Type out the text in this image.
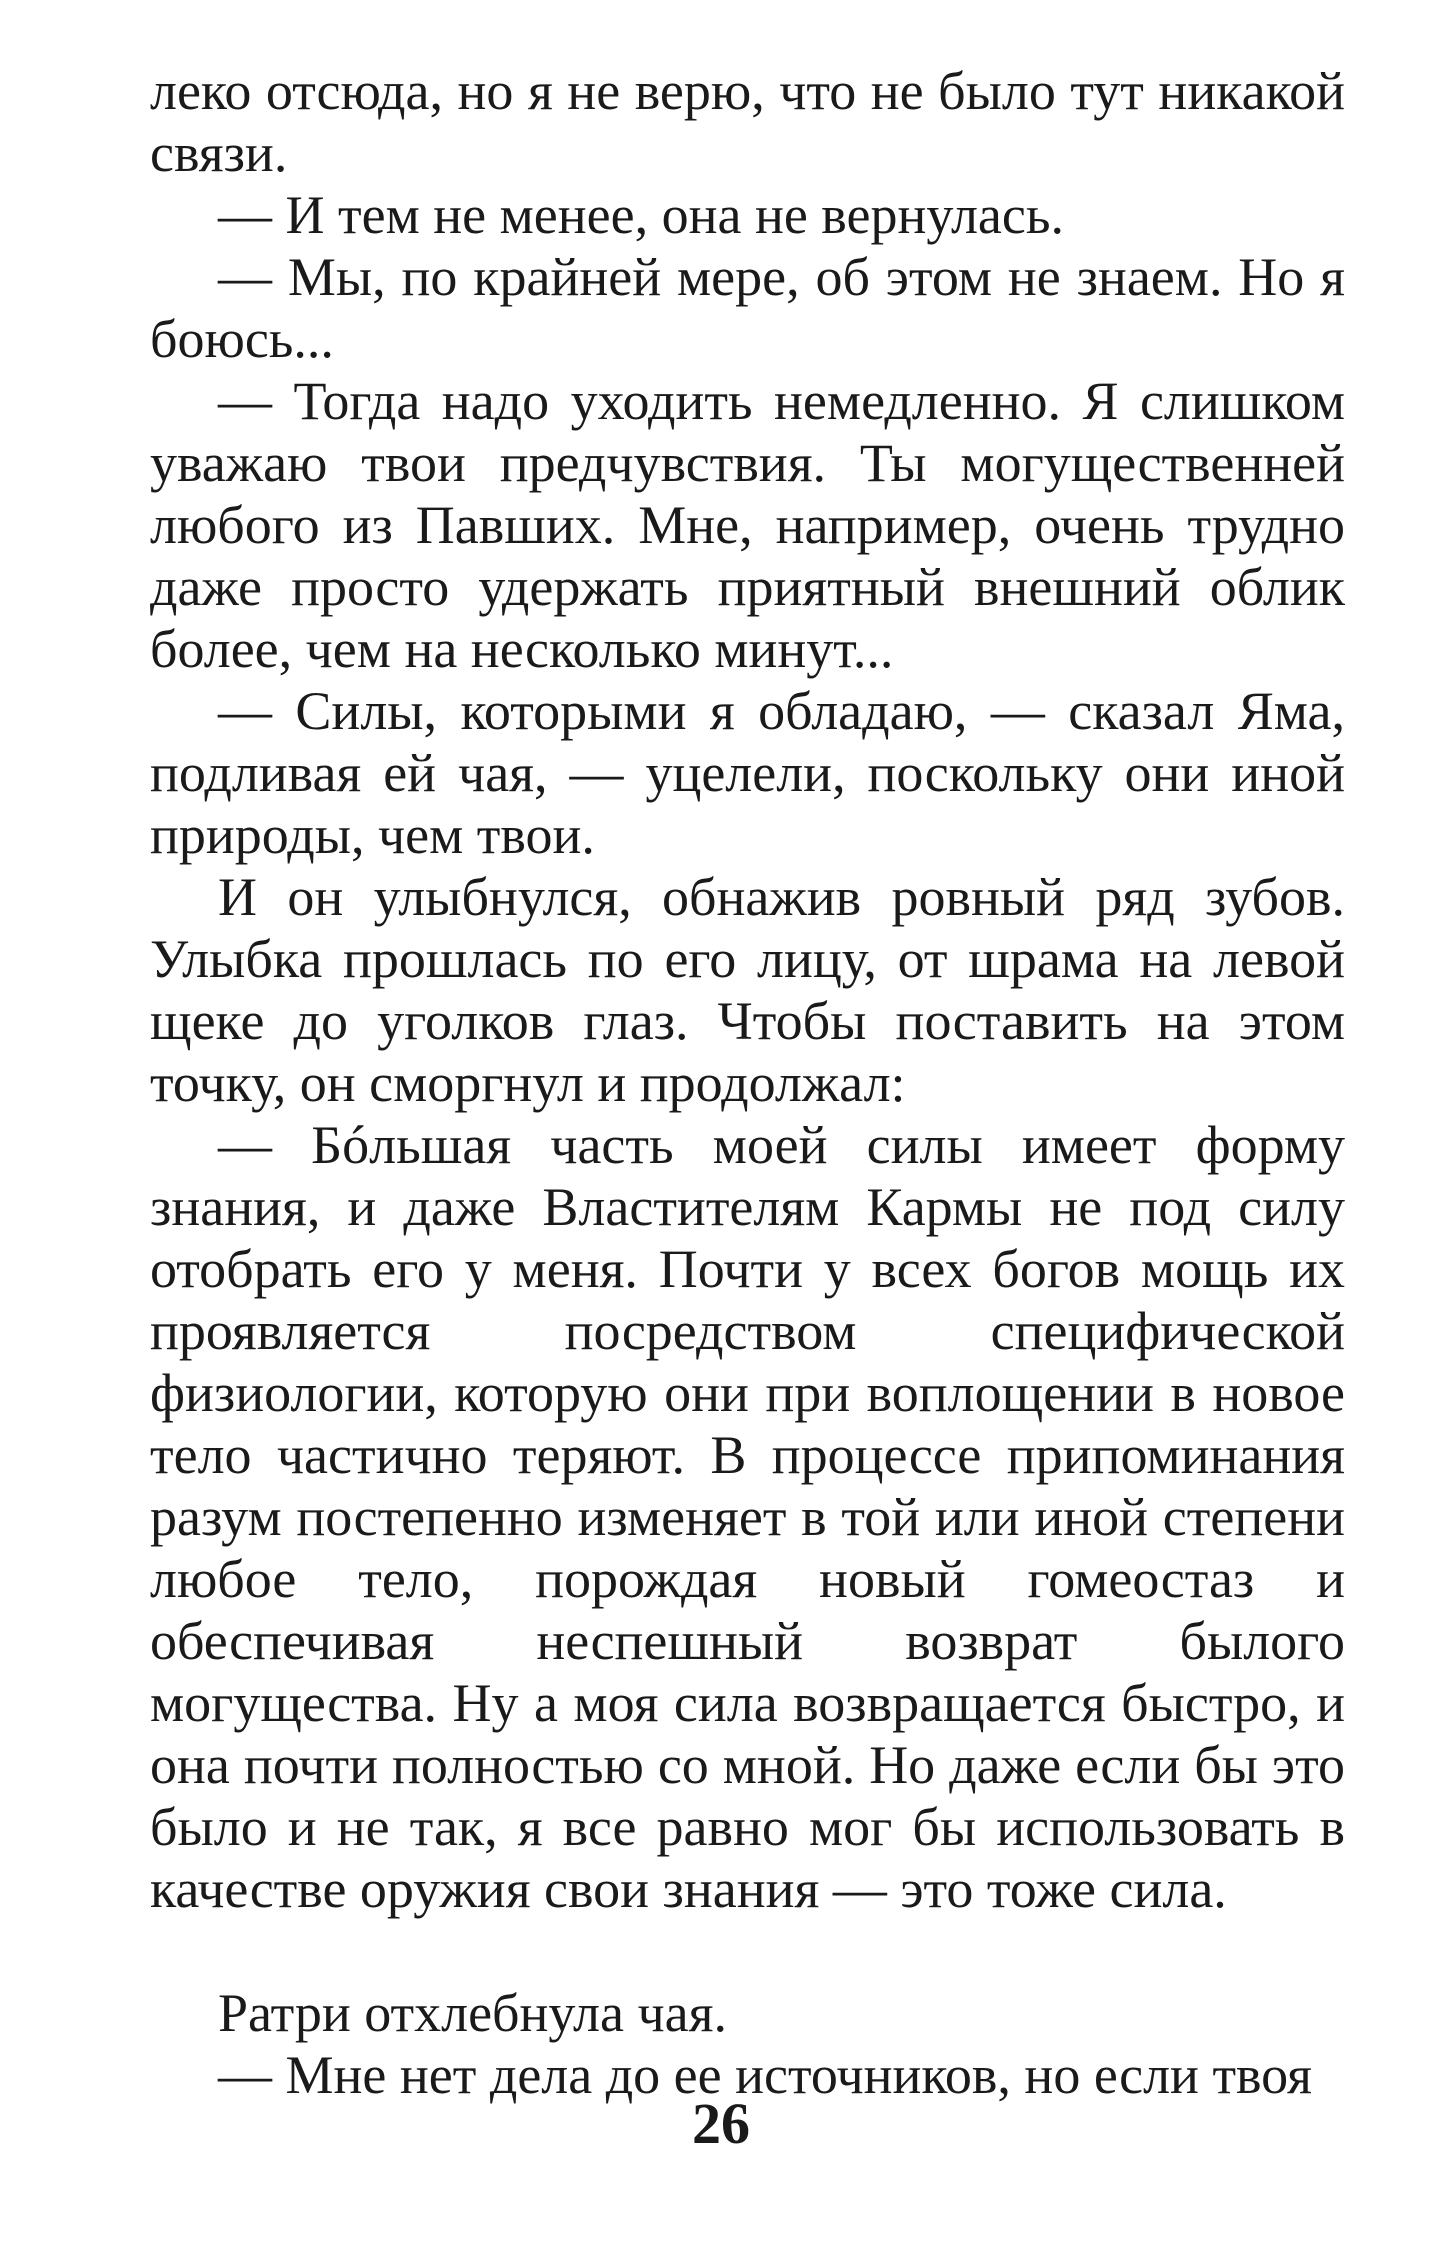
леко отсюда, но я не верю, что не было тут никакой связи.

— И тем не менее, она не вернулась.

— Мы, по крайней мере, об этом не знаем. Но я боюсь...

— Тогда надо уходить немедленно. Я слишком уважаю твои предчувствия. Ты могущественней любого из Павших. Мне, например, очень трудно даже просто удержать приятный внешний облик более, чем на несколько минут...

— Силы, которыми я обладаю, — сказал Яма, подливая ей чая, — уцелели, поскольку они иной природы, чем твои.

И он улыбнулся, обнажив ровный ряд зубов. Улыбка прошлась по его лицу, от шрама на левой щеке до уголков глаз. Чтобы поставить на этом точку, он сморгнул и продолжал:

— Бóльшая часть моей силы имеет форму знания, и даже Властителям Кармы не под силу отобрать его у меня. Почти у всех богов мощь их проявляется посредством специфической физиологии, которую они при воплощении в новое тело частично теряют. В процессе припоминания разум постепенно изменяет в той или иной степени любое тело, порождая новый гомеостаз и обеспечивая неспешный возврат былого могущества. Ну а моя сила возвращается быстро, и она почти полностью со мной. Но даже если бы это было и не так, я все равно мог бы использовать в качестве оружия свои знания — это тоже сила.

Ратри отхлебнула чая.

— Мне нет дела до ее источников, но если твоя

26
